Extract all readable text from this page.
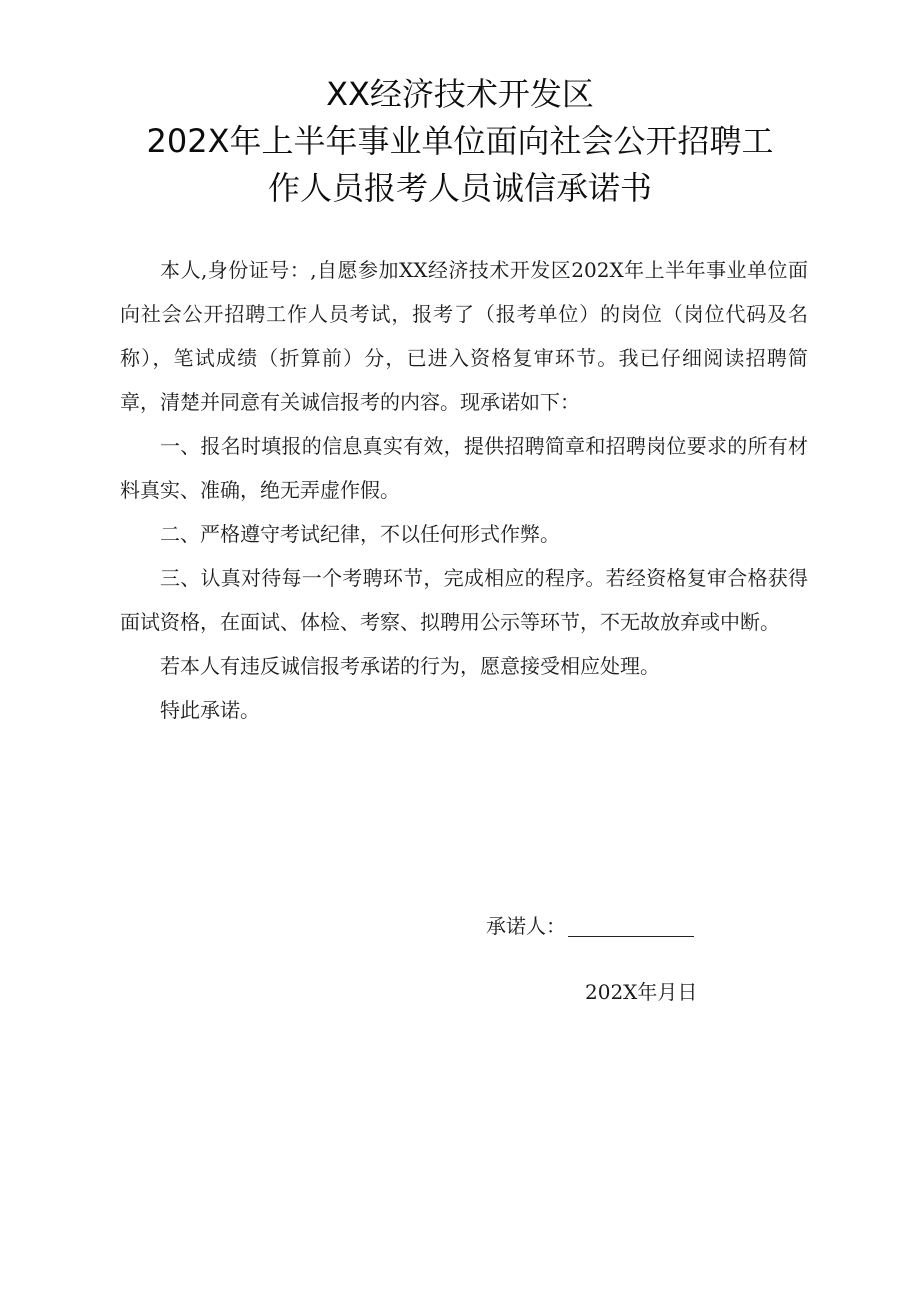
XX经济技术开发区
202X年上半年事业单位面向社会公开招聘工
作人员报考人员诚信承诺书

本人,身份证号：,自愿参加XX经济技术开发区202X年上半年事业单位面向社会公开招聘工作人员考试，报考了（报考单位）的岗位（岗位代码及名称），笔试成绩（折算前）分，已进入资格复审环节。我已仔细阅读招聘简章，清楚并同意有关诚信报考的内容。现承诺如下：

一、报名时填报的信息真实有效，提供招聘简章和招聘岗位要求的所有材料真实、准确，绝无弄虚作假。

二、严格遵守考试纪律，不以任何形式作弊。

三、认真对待每一个考聘环节，完成相应的程序。若经资格复审合格获得面试资格，在面试、体检、考察、拟聘用公示等环节，不无故放弃或中断。

若本人有违反诚信报考承诺的行为，愿意接受相应处理。

特此承诺。

承诺人：
202X年月日
